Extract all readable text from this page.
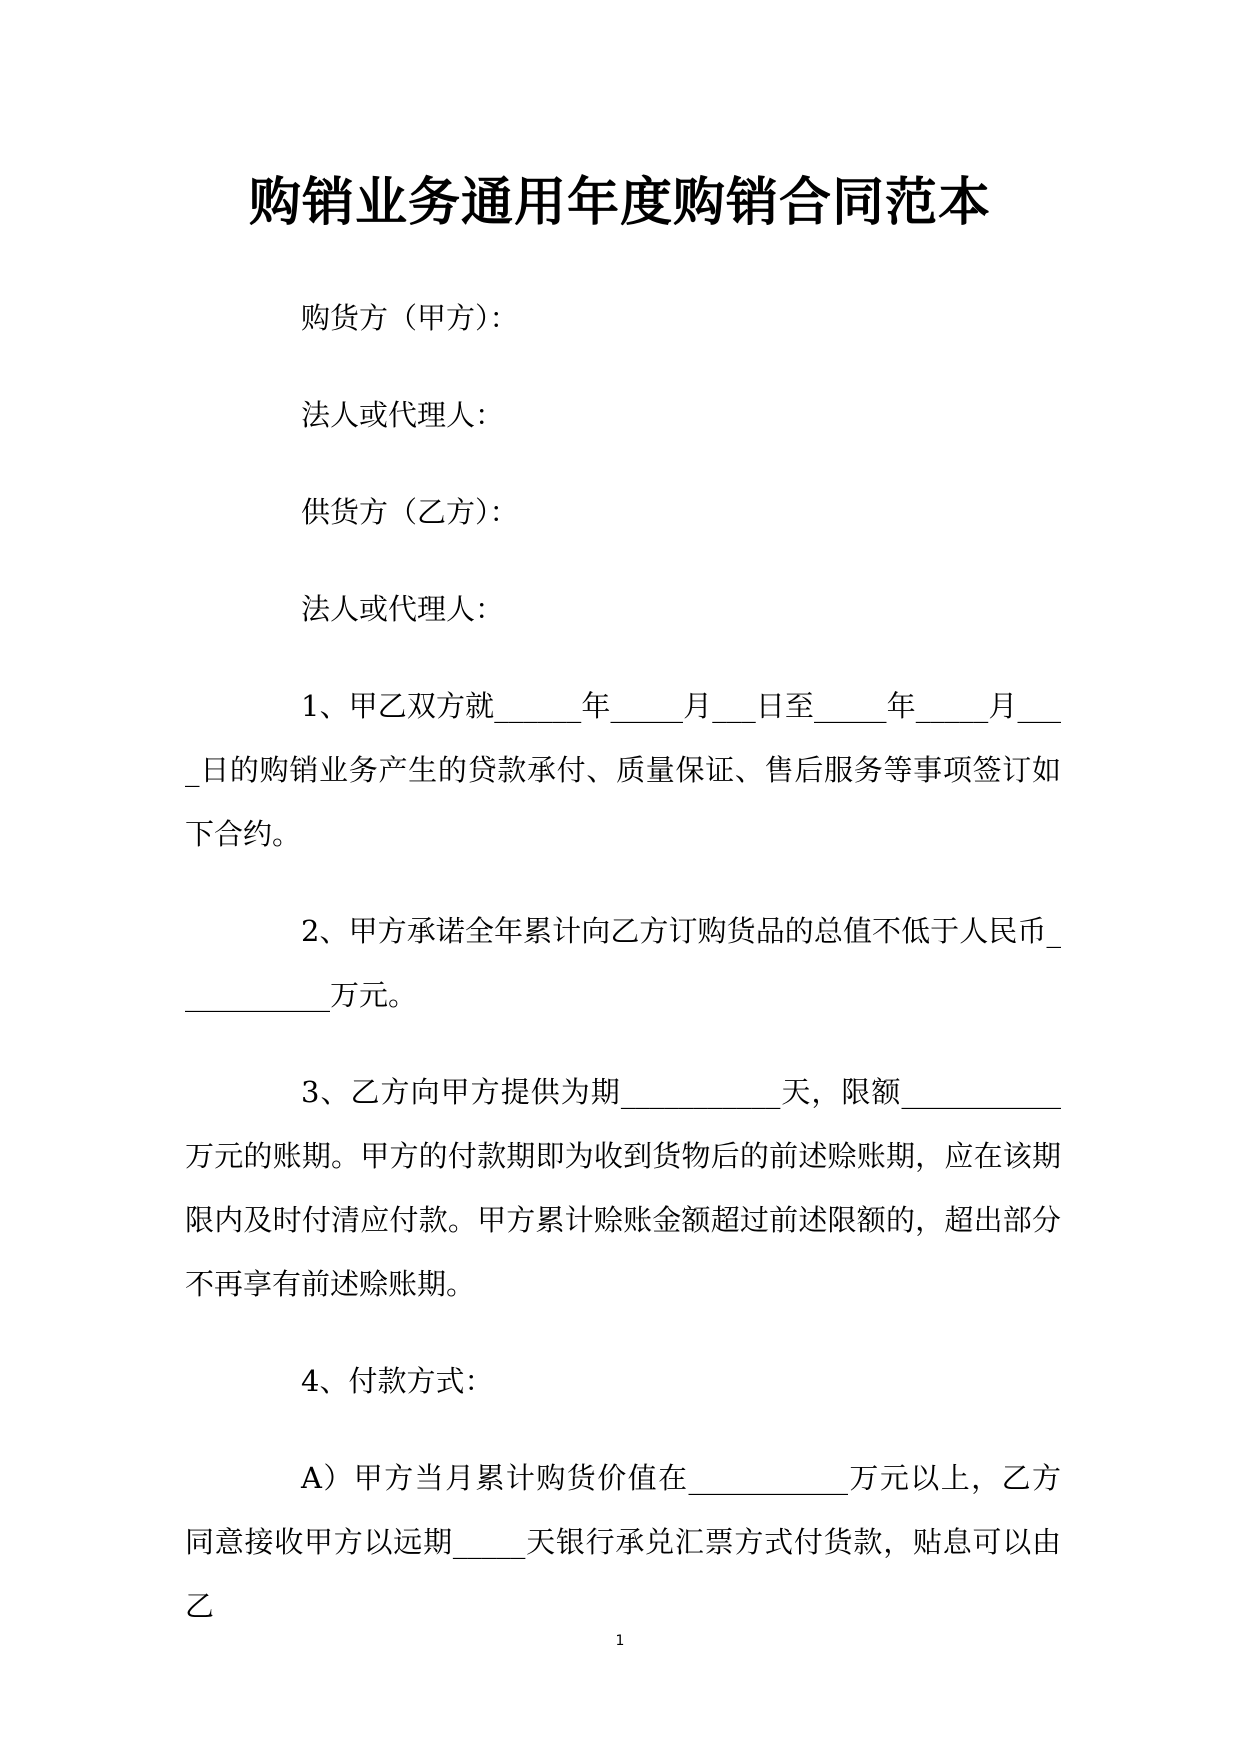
购销业务通用年度购销合同范本

购货方（甲方）：

法人或代理人：

供货方（乙方）：

法人或代理人：

1、甲乙双方就______年_____月___日至_____年_____月____日的购销业务产生的贷款承付、质量保证、售后服务等事项签订如下合约。

2、甲方承诺全年累计向乙方订购货品的总值不低于人民币___________万元。

3、乙方向甲方提供为期___________天，限额___________万元的账期。甲方的付款期即为收到货物后的前述赊账期，应在该期限内及时付清应付款。甲方累计赊账金额超过前述限额的，超出部分不再享有前述赊账期。

4、付款方式：

A）甲方当月累计购货价值在___________万元以上，乙方同意接收甲方以远期_____天银行承兑汇票方式付货款，贴息可以由乙

1
